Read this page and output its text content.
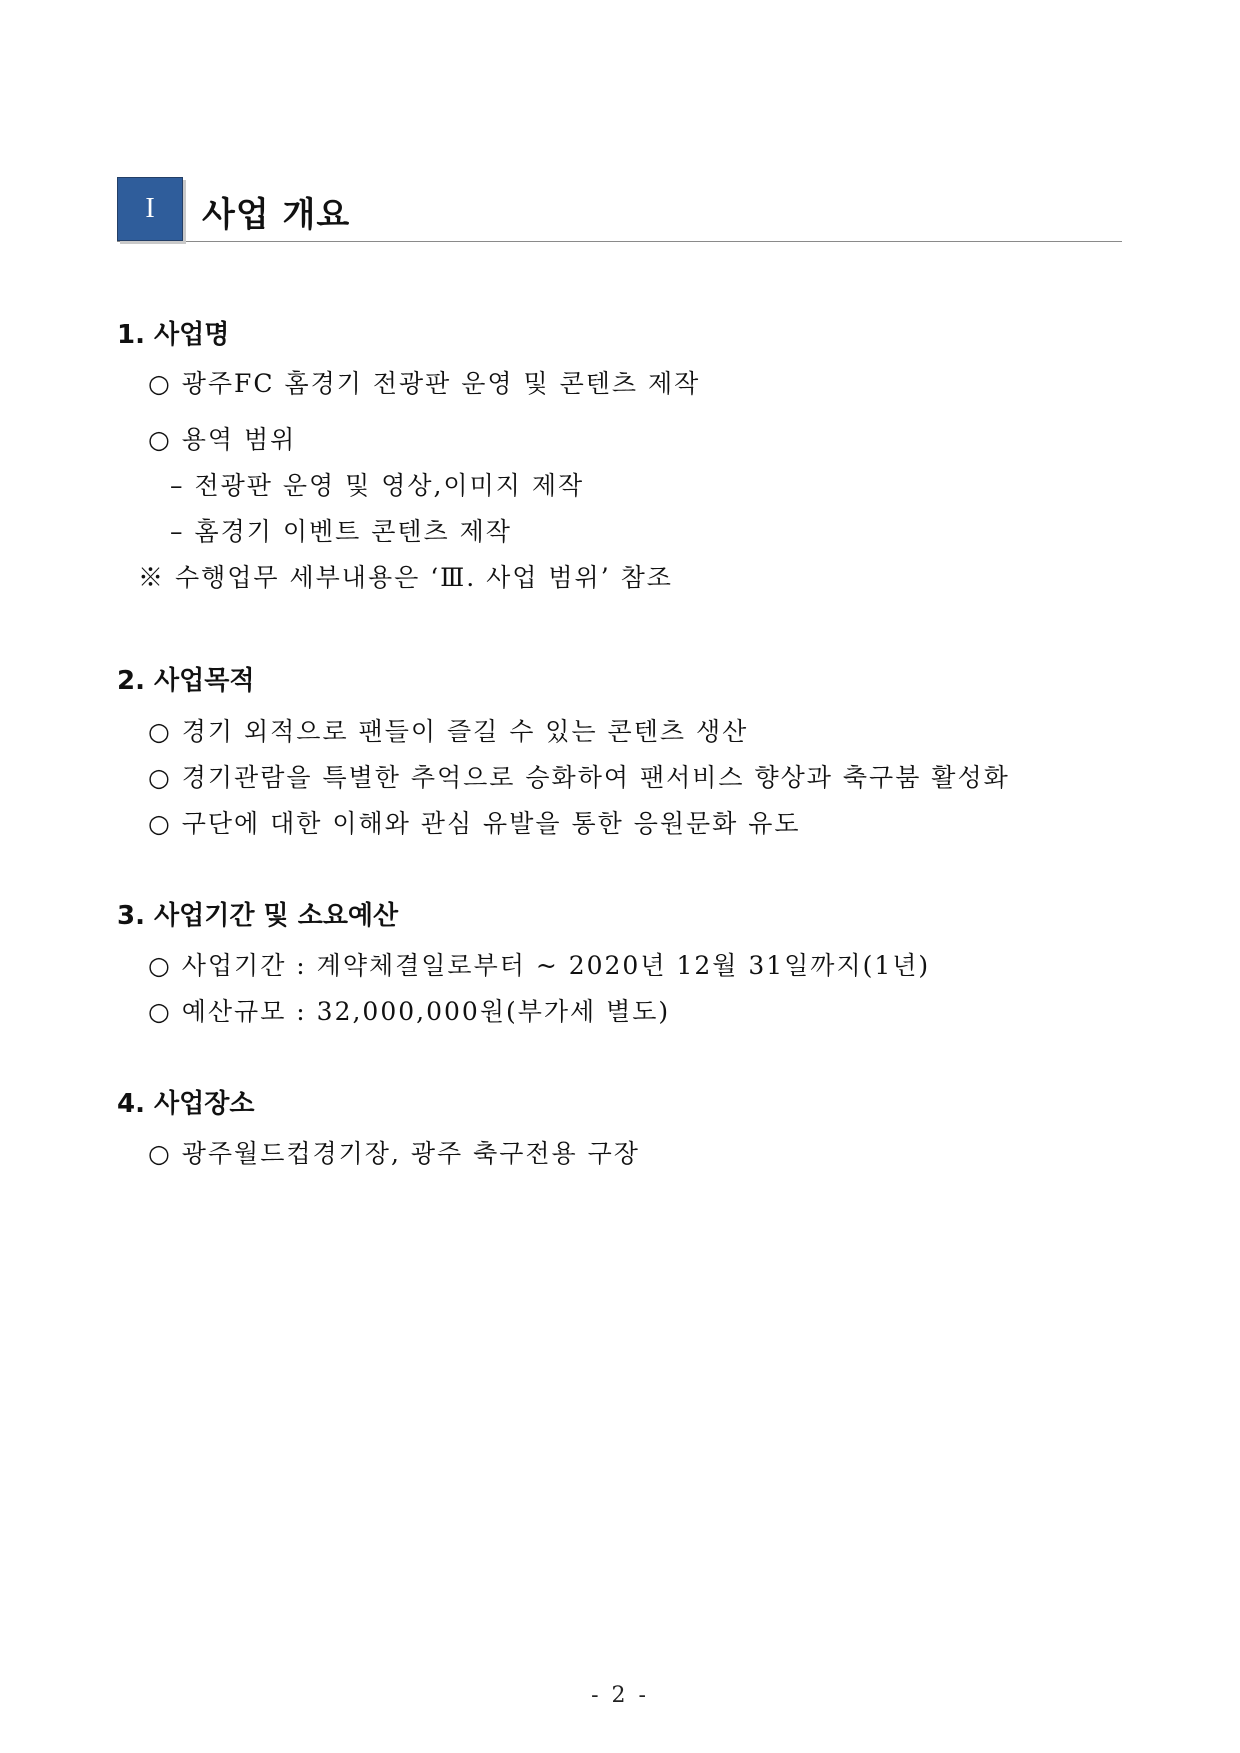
I	사업 개요
1. 사업명
○ 광주FC 홈경기 전광판 운영 및 콘텐츠 제작
○ 용역 범위
– 전광판 운영 및 영상,이미지 제작
– 홈경기 이벤트 콘텐츠 제작
※ 수행업무 세부내용은 ‘Ⅲ. 사업 범위’ 참조
2. 사업목적
○ 경기 외적으로 팬들이 즐길 수 있는 콘텐츠 생산
○ 경기관람을 특별한 추억으로 승화하여 팬서비스 향상과 축구붐 활성화
○ 구단에 대한 이해와 관심 유발을 통한 응원문화 유도
3. 사업기간 및 소요예산
○ 사업기간 : 계약체결일로부터 ~ 2020년 12월 31일까지(1년)
○ 예산규모 : 32,000,000원(부가세 별도)
4. 사업장소
○ 광주월드컵경기장, 광주 축구전용 구장
- 2 -
